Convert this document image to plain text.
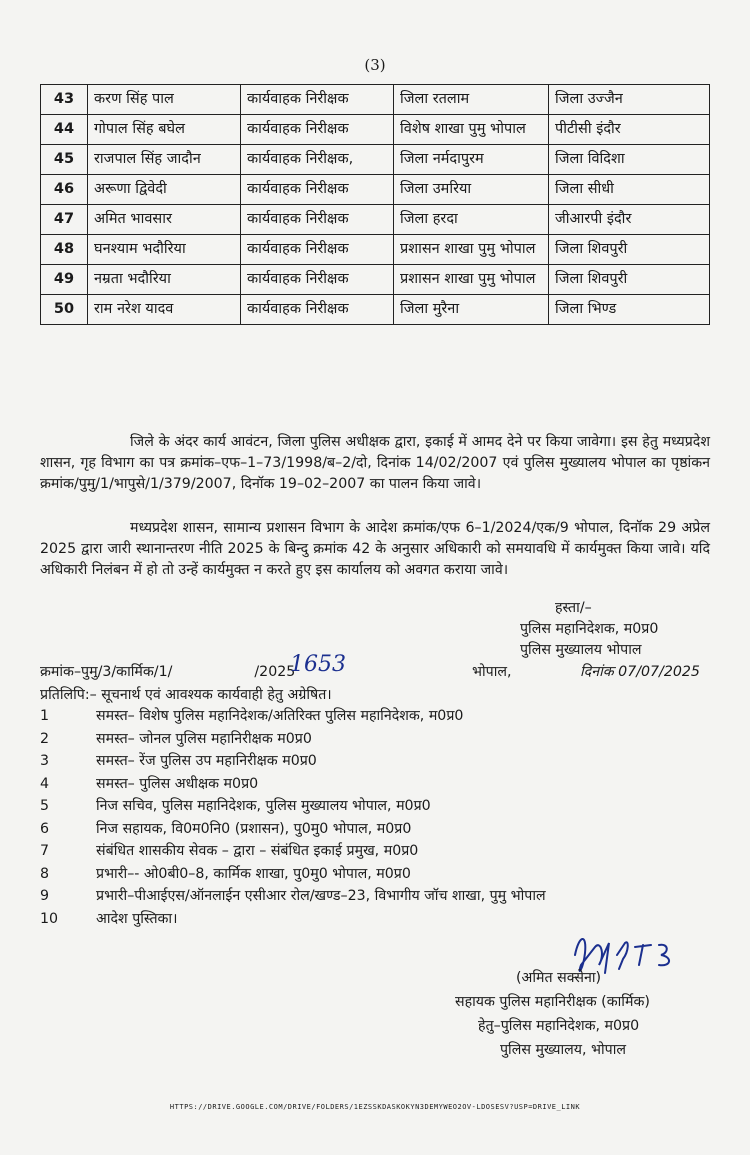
(3)
43	करण सिंह पाल	कार्यवाहक निरीक्षक	जिला रतलाम	जिला उज्जैन
44	गोपाल सिंह बघेल	कार्यवाहक निरीक्षक	विशेष शाखा पुमु भोपाल	पीटीसी इंदौर
45	राजपाल सिंह जादौन	कार्यवाहक निरीक्षक,	जिला नर्मदापुरम	जिला विदिशा
46	अरूणा द्विवेदी	कार्यवाहक निरीक्षक	जिला उमरिया	जिला सीधी
47	अमित भावसार	कार्यवाहक निरीक्षक	जिला हरदा	जीआरपी इंदौर
48	घनश्याम भदौरिया	कार्यवाहक निरीक्षक	प्रशासन शाखा पुमु भोपाल	जिला शिवपुरी
49	नम्रता भदौरिया	कार्यवाहक निरीक्षक	प्रशासन शाखा पुमु भोपाल	जिला शिवपुरी
50	राम नरेश यादव	कार्यवाहक निरीक्षक	जिला मुरैना	जिला भिण्ड
जिले के अंदर कार्य आवंटन, जिला पुलिस अधीक्षक द्वारा, इकाई में आमद देने पर किया जावेगा। इस हेतु मध्यप्रदेश शासन, गृह विभाग का पत्र क्रमांक–एफ–1–73/1998/ब–2/दो, दिनांक 14/02/2007 एवं पुलिस मुख्यालय भोपाल का पृष्ठांकन क्रमांक/पुमु/1/भापुसे/1/379/2007, दिनॉक 19–02–2007 का पालन किया जावे।
मध्यप्रदेश शासन, सामान्य प्रशासन विभाग के आदेश क्रमांक/एफ 6–1/2024/एक/9 भोपाल, दिनॉक 29 अप्रेल 2025 द्वारा जारी स्थानान्तरण नीति 2025 के बिन्दु क्रमांक 42 के अनुसार अधिकारी को समयावधि में कार्यमुक्त किया जावे। यदि अधिकारी निलंबन में हो तो उन्हें कार्यमुक्त न करते हुए इस कार्यालय को अवगत कराया जावे।
हस्ता/–
पुलिस महानिदेशक, म0प्र0
पुलिस मुख्यालय भोपाल
क्रमांक–पुमु/3/कार्मिक/1/	/2025
1653	भोपाल,	दिनांक 07/07/2025
प्रतिलिपि:– सूचनार्थ एवं आवश्यक कार्यवाही हेतु अग्रेषित।
1	समस्त– विशेष पुलिस महानिदेशक/अतिरिक्त पुलिस महानिदेशक, म0प्र0
2	समस्त– जोनल पुलिस महानिरीक्षक म0प्र0
3	समस्त– रेंज पुलिस उप महानिरीक्षक म0प्र0
4	समस्त– पुलिस अधीक्षक म0प्र0
5	निज सचिव, पुलिस महानिदेशक, पुलिस मुख्यालय भोपाल, म0प्र0
6	निज सहायक, वि0म0नि0 (प्रशासन), पु0मु0 भोपाल, म0प्र0
7	संबंधित शासकीय सेवक – द्वारा – संबंधित इकाई प्रमुख, म0प्र0
8	प्रभारी–- ओ0बी0–8, कार्मिक शाखा, पु0मु0 भोपाल, म0प्र0
9	प्रभारी–पीआईएस/ऑनलाईन एसीआर रोल/खण्ड–23, विभागीय जॉच शाखा, पुमु भोपाल
10	आदेश पुस्तिका।
(अमित सक्सेना)
सहायक पुलिस महानिरीक्षक (कार्मिक)
हेतु–पुलिस महानिदेशक, म0प्र0
पुलिस मुख्यालय, भोपाल
HTTPS://DRIVE.GOOGLE.COM/DRIVE/FOLDERS/1EZSSKDASKOKYN3DEMYWEO2OV-LDOSESV?USP=DRIVE_LINK
